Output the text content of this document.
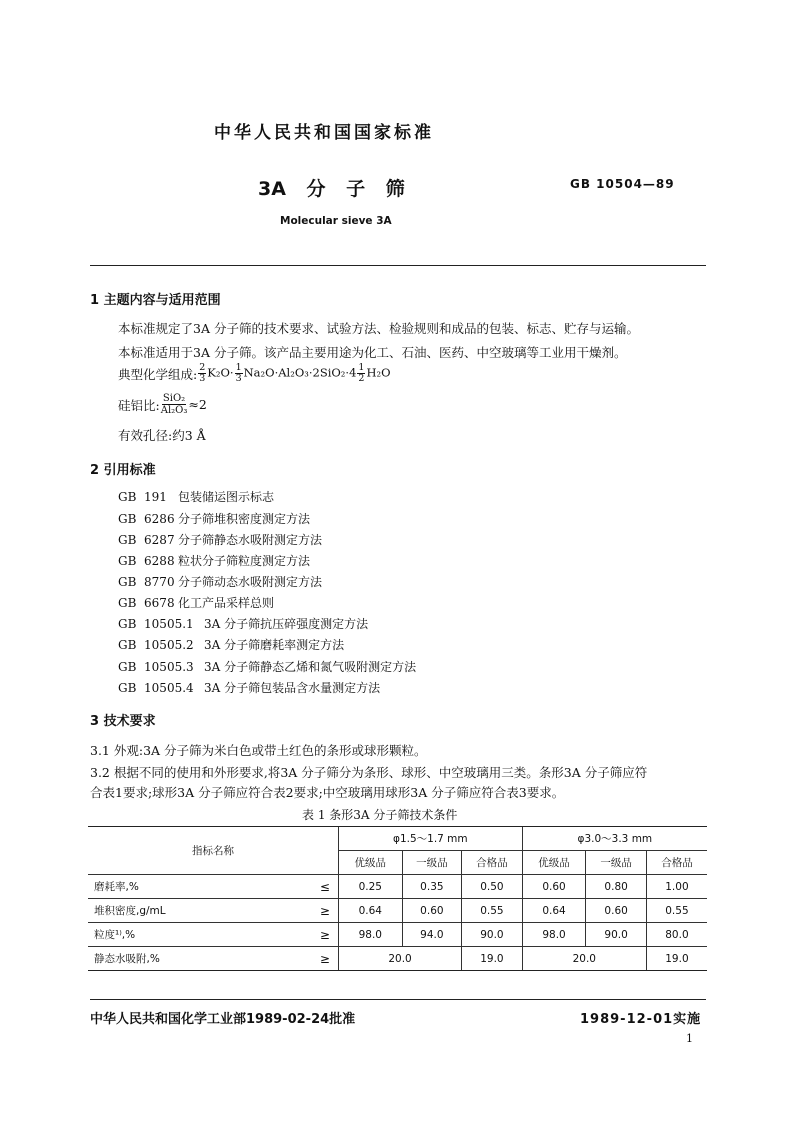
中华人民共和国国家标准
3A 分 子 筛	GB 10504—89
Molecular sieve 3A
1 主题内容与适用范围
本标准规定了3A 分子筛的技术要求、试验方法、检验规则和成品的包装、标志、贮存与运输。
本标准适用于3A 分子筛。该产品主要用途为化工、石油、医药、中空玻璃等工业用干燥剂。
典型化学组成: $\frac{2}{3} K_2O\cdot \frac{1}{3} Na_2O\cdot Al_2O_3\cdot 2SiO_2\cdot 4 \frac{1}{2} H_2O$
硅铝比: $\frac{\text{SiO₂}}{\text{Al₂O₃}} \approx 2$
有效孔径:约3 Å
2 引用标准
GB  191 包装储运图示标志
GB  6286 分子筛堆积密度测定方法
GB  6287 分子筛静态水吸附测定方法
GB  6288 粒状分子筛粒度测定方法
GB  8770 分子筛动态水吸附测定方法
GB  6678 化工产品采样总则
GB  10505.1 3A 分子筛抗压碎强度测定方法
GB  10505.2 3A 分子筛磨耗率测定方法
GB  10505.3 3A 分子筛静态乙烯和氮气吸附测定方法
GB  10505.4 3A 分子筛包装品含水量测定方法
3 技术要求
3.1 外观:3A 分子筛为米白色或带土红色的条形或球形颗粒。
3.2 根据不同的使用和外形要求,将3A 分子筛分为条形、球形、中空玻璃用三类。条形3A 分子筛应符
合表1要求;球形3A 分子筛应符合表2要求;中空玻璃用球形3A 分子筛应符合表3要求。
表 1 条形3A 分子筛技术条件
指标名称		φ1.5～1.7 mm			φ3.0～3.3 mm		
		优级品	一级品	合格品	优级品	一级品	合格品
磨耗率,%	≤	0.25	0.35	0.50	0.60	0.80	1.00
堆积密度,g/mL	≥	0.64	0.60	0.55	0.64	0.60	0.55
粒度¹⁾,%	≥	98.0	94.0	90.0	98.0	90.0	80.0
静态水吸附,%	≥	20.0		19.0	20.0		19.0
中华人民共和国化学工业部1989-02-24批准	1989-12-01实施
1
